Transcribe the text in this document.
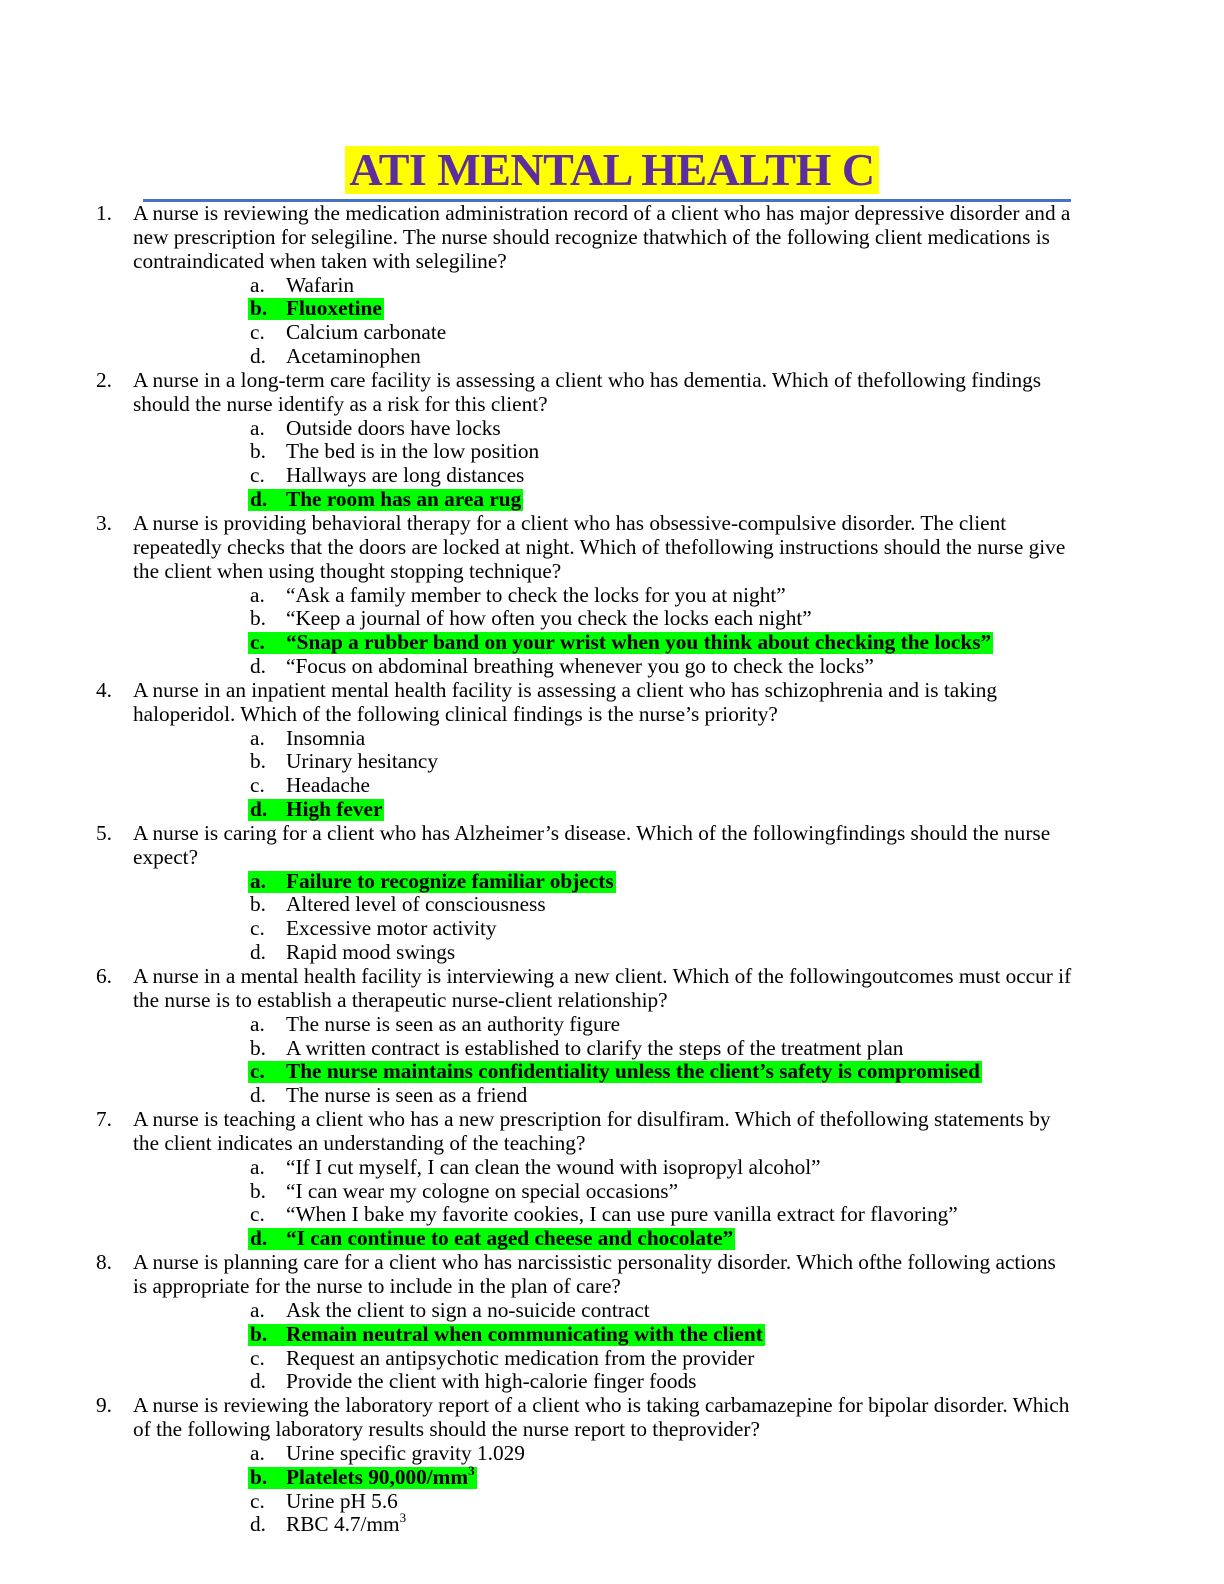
ATI MENTAL HEALTH C
1. A nurse is reviewing the medication administration record of a client who has major depressive disorder and a new prescription for selegiline. The nurse should recognize thatwhich of the following client medications is contraindicated when taken with selegiline?
a. Wafarin
b. Fluoxetine
c. Calcium carbonate
d. Acetaminophen
2. A nurse in a long-term care facility is assessing a client who has dementia. Which of thefollowing findings should the nurse identify as a risk for this client?
a. Outside doors have locks
b. The bed is in the low position
c. Hallways are long distances
d. The room has an area rug
3. A nurse is providing behavioral therapy for a client who has obsessive-compulsive disorder. The client repeatedly checks that the doors are locked at night. Which of thefollowing instructions should the nurse give the client when using thought stopping technique?
a. “Ask a family member to check the locks for you at night”
b. “Keep a journal of how often you check the locks each night”
c. “Snap a rubber band on your wrist when you think about checking the locks”
d. “Focus on abdominal breathing whenever you go to check the locks”
4. A nurse in an inpatient mental health facility is assessing a client who has schizophrenia and is taking haloperidol. Which of the following clinical findings is the nurse’s priority?
a. Insomnia
b. Urinary hesitancy
c. Headache
d. High fever
5. A nurse is caring for a client who has Alzheimer’s disease. Which of the followingfindings should the nurse expect?
a. Failure to recognize familiar objects
b. Altered level of consciousness
c. Excessive motor activity
d. Rapid mood swings
6. A nurse in a mental health facility is interviewing a new client. Which of the followingoutcomes must occur if the nurse is to establish a therapeutic nurse-client relationship?
a. The nurse is seen as an authority figure
b. A written contract is established to clarify the steps of the treatment plan
c. The nurse maintains confidentiality unless the client’s safety is compromised
d. The nurse is seen as a friend
7. A nurse is teaching a client who has a new prescription for disulfiram. Which of thefollowing statements by the client indicates an understanding of the teaching?
a. “If I cut myself, I can clean the wound with isopropyl alcohol”
b. “I can wear my cologne on special occasions”
c. “When I bake my favorite cookies, I can use pure vanilla extract for flavoring”
d. “I can continue to eat aged cheese and chocolate”
8. A nurse is planning care for a client who has narcissistic personality disorder. Which ofthe following actions is appropriate for the nurse to include in the plan of care?
a. Ask the client to sign a no-suicide contract
b. Remain neutral when communicating with the client
c. Request an antipsychotic medication from the provider
d. Provide the client with high-calorie finger foods
9. A nurse is reviewing the laboratory report of a client who is taking carbamazepine for bipolar disorder. Which of the following laboratory results should the nurse report to theprovider?
a. Urine specific gravity 1.029
b. Platelets $90,000/mm^3$
c. Urine pH 5.6
d. RBC $4.7/mm^3$
